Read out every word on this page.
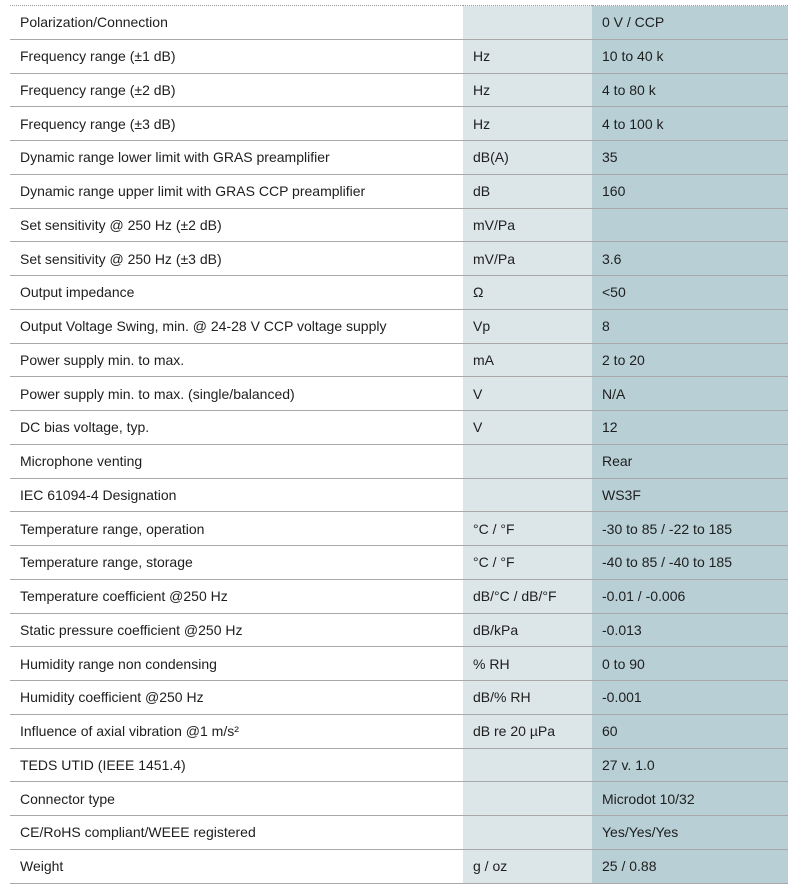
Polarization/Connection		0 V / CCP
Frequency range (±1 dB)	Hz	10 to 40 k
Frequency range (±2 dB)	Hz	4 to 80 k
Frequency range (±3 dB)	Hz	4 to 100 k
Dynamic range lower limit with GRAS preamplifier	dB(A)	35
Dynamic range upper limit with GRAS CCP preamplifier	dB	160
Set sensitivity @ 250 Hz (±2 dB)	mV/Pa	
Set sensitivity @ 250 Hz (±3 dB)	mV/Pa	3.6
Output impedance	Ω	<50
Output Voltage Swing, min. @ 24-28 V CCP voltage supply	Vp	8
Power supply min. to max.	mA	2 to 20
Power supply min. to max. (single/balanced)	V	N/A
DC bias voltage, typ.	V	12
Microphone venting		Rear
IEC 61094-4 Designation		WS3F
Temperature range, operation	°C / °F	-30 to 85 / -22 to 185
Temperature range, storage	°C / °F	-40 to 85 / -40 to 185
Temperature coefficient @250 Hz	dB/°C / dB/°F	-0.01 / -0.006
Static pressure coefficient @250 Hz	dB/kPa	-0.013
Humidity range non condensing	% RH	0 to 90
Humidity coefficient @250 Hz	dB/% RH	-0.001
Influence of axial vibration @1 m/s²	dB re 20 µPa	60
TEDS UTID (IEEE 1451.4)		27 v. 1.0
Connector type		Microdot 10/32
CE/RoHS compliant/WEEE registered		Yes/Yes/Yes
Weight	g / oz	25 / 0.88
